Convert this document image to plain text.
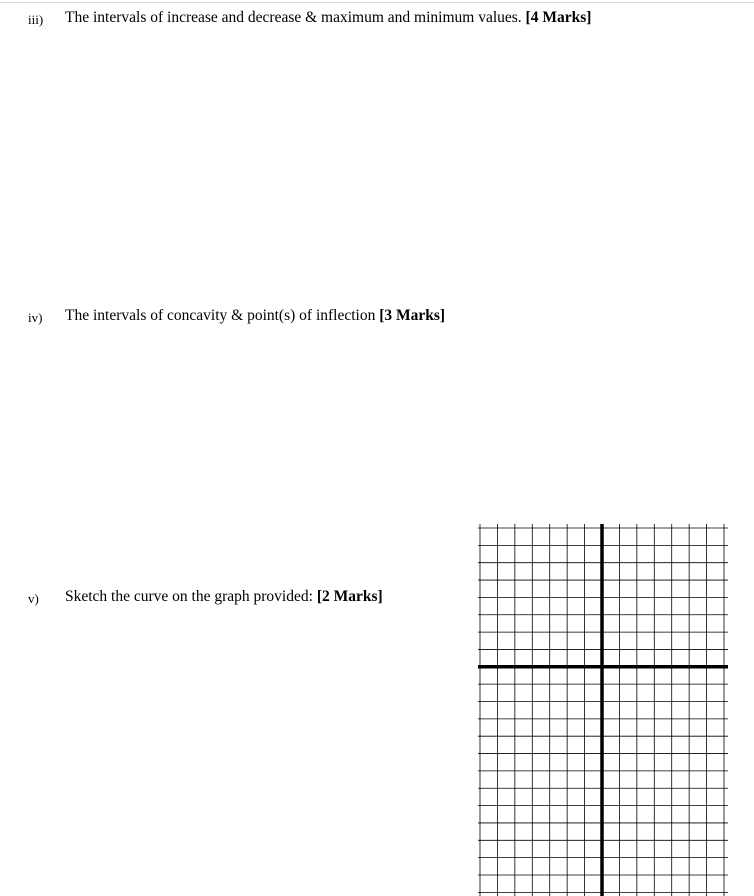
iii) The intervals of increase and decrease & maximum and minimum values. [4 Marks]
iv) The intervals of concavity & point(s) of inflection [3 Marks]
v) Sketch the curve on the graph provided: [2 Marks]
